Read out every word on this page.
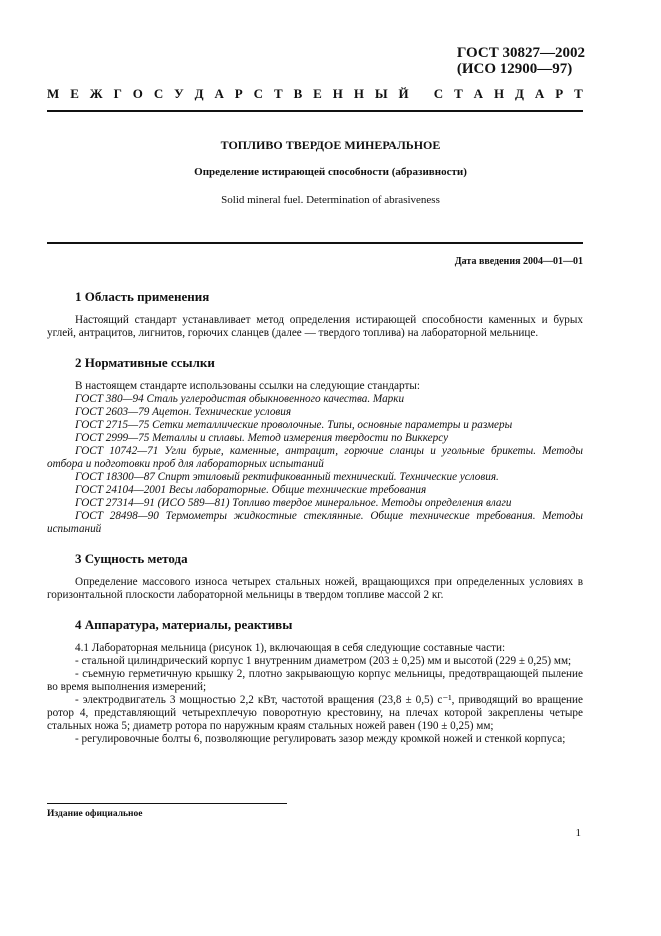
ГОСТ 30827—2002
(ИСО 12900—97)
М Е Ж Г О С У Д А Р С Т В Е Н Н Ы Й
С Т А Н Д А Р Т
ТОПЛИВО ТВЕРДОЕ МИНЕРАЛЬНОЕ
Определение истирающей способности (абразивности)
Solid mineral fuel. Determination of abrasiveness
Дата введения 2004—01—01
1 Область применения

Настоящий стандарт устанавливает метод определения истирающей способности каменных и бурых углей, антрацитов, лигнитов, горючих сланцев (далее — твердого топлива) на лабораторной мельнице.

2 Нормативные ссылки

В настоящем стандарте использованы ссылки на следующие стандарты:

ГОСТ 380—94 Сталь углеродистая обыкновенного качества. Марки

ГОСТ 2603—79 Ацетон. Технические условия

ГОСТ 2715—75 Сетки металлические проволочные. Типы, основные параметры и размеры

ГОСТ 2999—75 Металлы и сплавы. Метод измерения твердости по Виккерсу

ГОСТ 10742—71 Угли бурые, каменные, антрацит, горючие сланцы и угольные брикеты. Методы отбора и подготовки проб для лабораторных испытаний

ГОСТ 18300—87 Спирт этиловый ректификованный технический. Технические условия.

ГОСТ 24104—2001 Весы лабораторные. Общие технические требования

ГОСТ 27314—91 (ИСО 589—81) Топливо твердое минеральное. Методы определения влаги

ГОСТ 28498—90 Термометры жидкостные стеклянные. Общие технические требования. Методы испытаний

3 Сущность метода

Определение массового износа четырех стальных ножей, вращающихся при определенных условиях в горизонтальной плоскости лабораторной мельницы в твердом топливе массой 2 кг.

4 Аппаратура, материалы, реактивы

4.1 Лабораторная мельница (рисунок 1), включающая в себя следующие составные части:

- стальной цилиндрический корпус 1 внутренним диаметром (203 ± 0,25) мм и высотой (229 ± 0,25) мм;

- съемную герметичную крышку 2, плотно закрывающую корпус мельницы, предотвращающей пыление во время выполнения измерений;

- электродвигатель 3 мощностью 2,2 кВт, частотой вращения (23,8 ± 0,5) с⁻¹, приводящий во вращение ротор 4, представляющий четырехплечую поворотную крестовину, на плечах которой закреплены четыре стальных ножа 5; диаметр ротора по наружным краям стальных ножей равен (190 ± 0,25) мм;

- регулировочные болты 6, позволяющие регулировать зазор между кромкой ножей и стенкой корпуса;

Издание официальное
1
